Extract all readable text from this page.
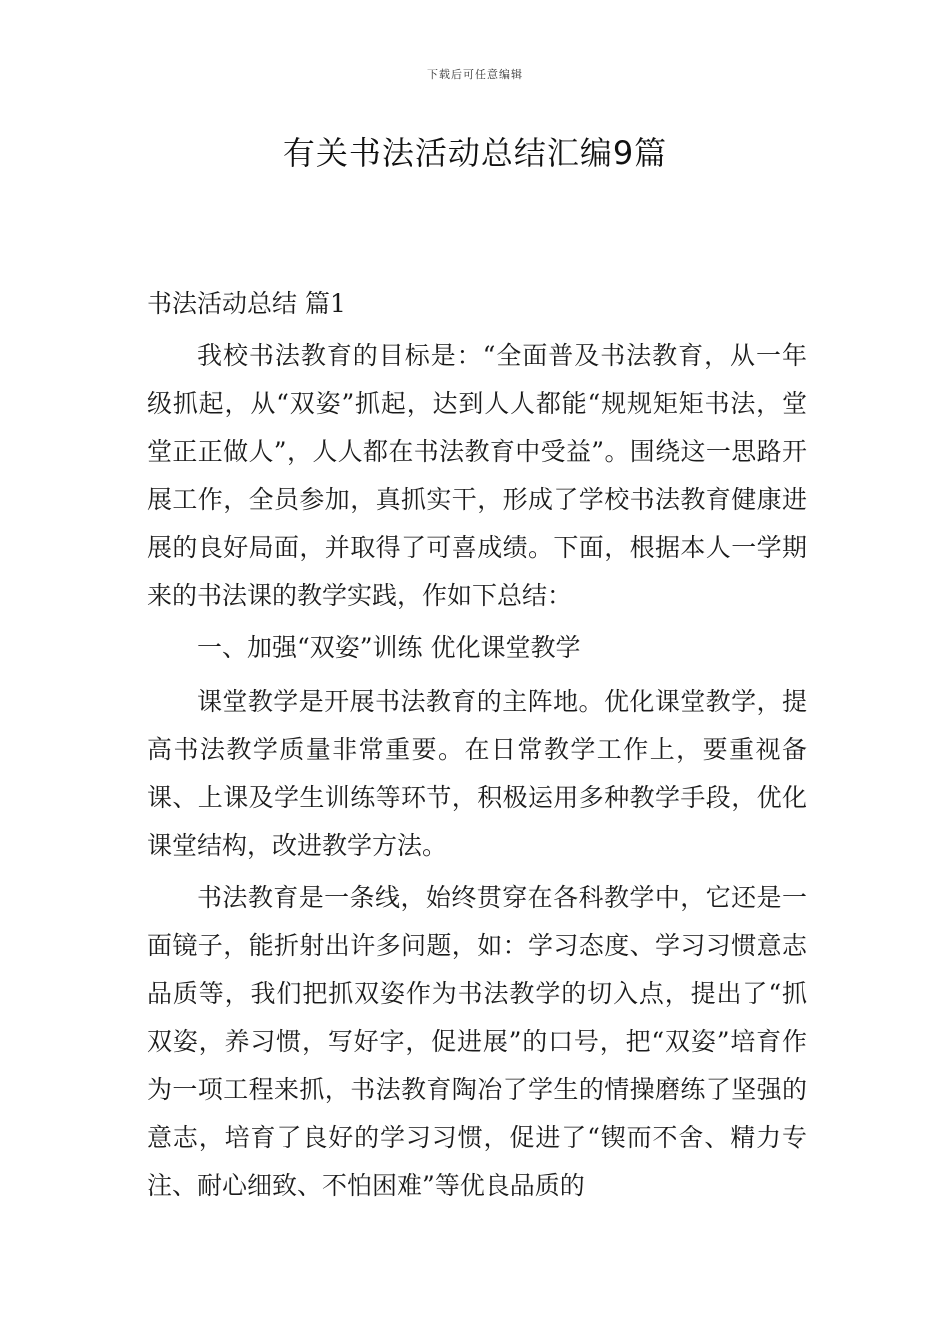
下载后可任意编辑
有关书法活动总结汇编9篇
书法活动总结 篇1

我校书法教育的目标是：“全面普及书法教育，从一年级抓起，从“双姿”抓起，达到人人都能“规规矩矩书法，堂堂正正做人”，人人都在书法教育中受益”。围绕这一思路开展工作，全员参加，真抓实干，形成了学校书法教育健康进展的良好局面，并取得了可喜成绩。下面，根据本人一学期来的书法课的教学实践，作如下总结：

一、加强“双姿”训练 优化课堂教学

课堂教学是开展书法教育的主阵地。优化课堂教学，提高书法教学质量非常重要。在日常教学工作上，要重视备课、上课及学生训练等环节，积极运用多种教学手段，优化课堂结构，改进教学方法。

书法教育是一条线，始终贯穿在各科教学中，它还是一面镜子，能折射出许多问题，如：学习态度、学习习惯意志品质等，我们把抓双姿作为书法教学的切入点，提出了“抓双姿，养习惯，写好字，促进展”的口号，把“双姿”培育作为一项工程来抓，书法教育陶冶了学生的情操磨练了坚强的意志，培育了良好的学习习惯，促进了“锲而不舍、精力专注、耐心细致、不怕困难”等优良品质的
